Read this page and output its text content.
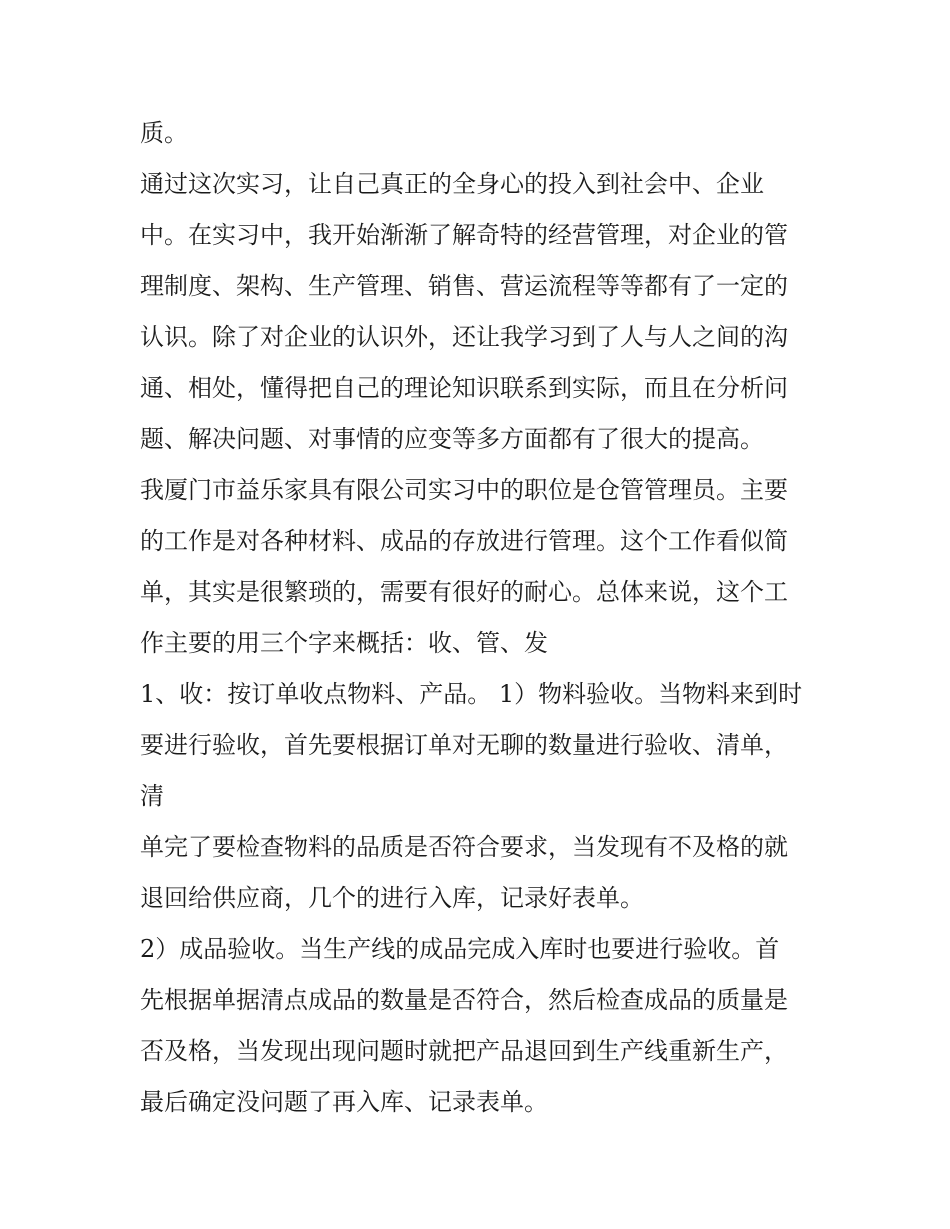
质。
通过这次实习，让自己真正的全身心的投入到社会中、企业
中。在实习中，我开始渐渐了解奇特的经营管理，对企业的管
理制度、架构、生产管理、销售、营运流程等等都有了一定的
认识。除了对企业的认识外，还让我学习到了人与人之间的沟
通、相处，懂得把自己的理论知识联系到实际，而且在分析问
题、解决问题、对事情的应变等多方面都有了很大的提高。
我厦门市益乐家具有限公司实习中的职位是仓管管理员。主要
的工作是对各种材料、成品的存放进行管理。这个工作看似简
单，其实是很繁琐的，需要有很好的耐心。总体来说，这个工
作主要的用三个字来概括：收、管、发
1、收：按订单收点物料、产品。 1）物料验收。当物料来到时
要进行验收，首先要根据订单对无聊的数量进行验收、清单，
清
单完了要检查物料的品质是否符合要求，当发现有不及格的就
退回给供应商，几个的进行入库，记录好表单。
2）成品验收。当生产线的成品完成入库时也要进行验收。首
先根据单据清点成品的数量是否符合，然后检查成品的质量是
否及格，当发现出现问题时就把产品退回到生产线重新生产，
最后确定没问题了再入库、记录表单。
